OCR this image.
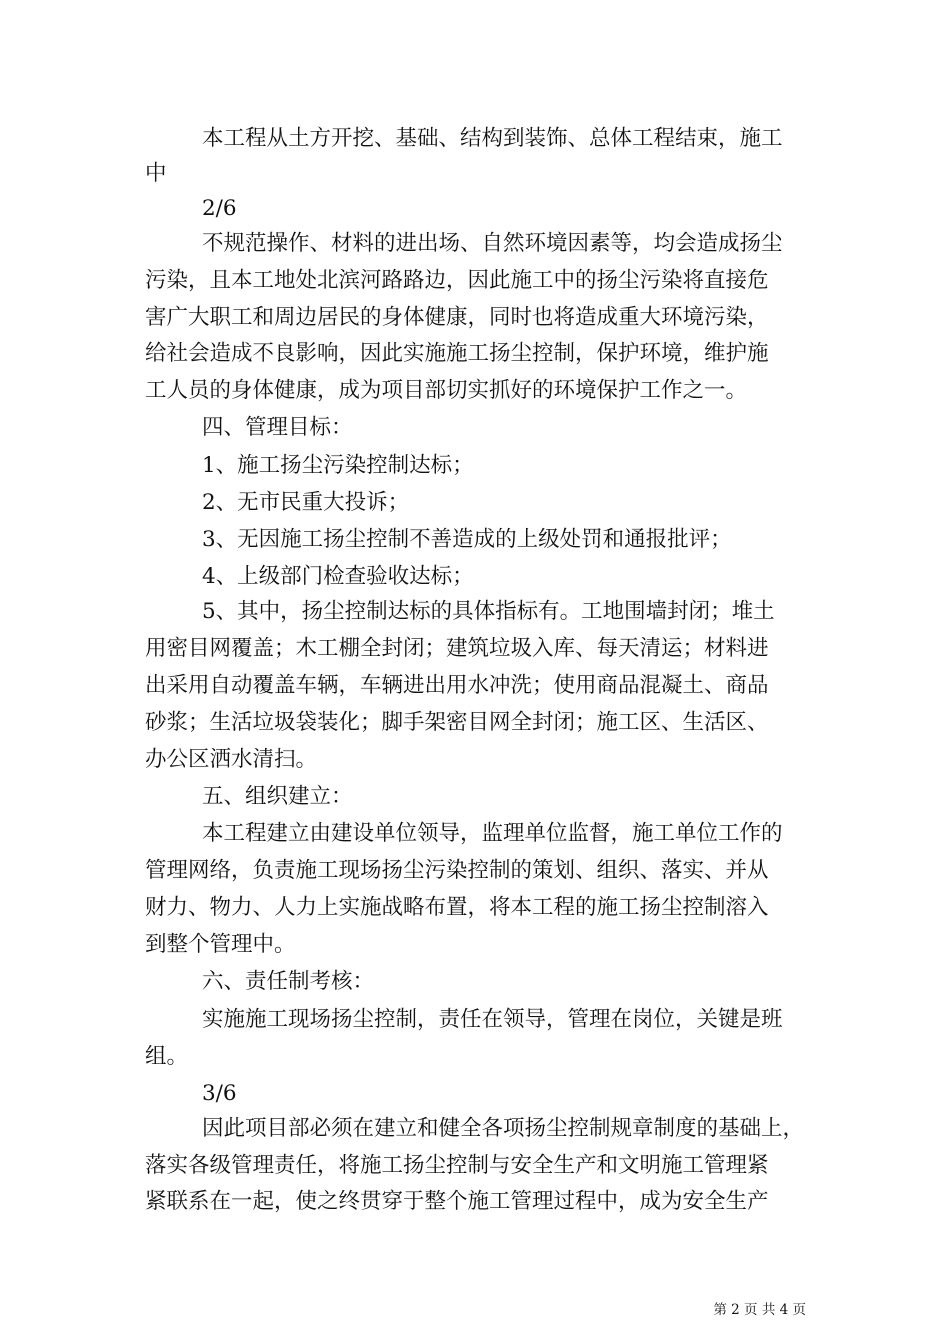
本工程从土方开挖、基础、结构到装饰、总体工程结束，施工
中
2/6
不规范操作、材料的进出场、自然环境因素等，均会造成扬尘
污染，且本工地处北滨河路路边，因此施工中的扬尘污染将直接危
害广大职工和周边居民的身体健康，同时也将造成重大环境污染，
给社会造成不良影响，因此实施施工扬尘控制，保护环境，维护施
工人员的身体健康，成为项目部切实抓好的环境保护工作之一。
四、管理目标：
1、施工扬尘污染控制达标；
2、无市民重大投诉；
3、无因施工扬尘控制不善造成的上级处罚和通报批评；
4、上级部门检查验收达标；
5、其中，扬尘控制达标的具体指标有。工地围墙封闭；堆土
用密目网覆盖；木工棚全封闭；建筑垃圾入库、每天清运；材料进
出采用自动覆盖车辆，车辆进出用水冲洗；使用商品混凝土、商品
砂浆；生活垃圾袋装化；脚手架密目网全封闭；施工区、生活区、
办公区洒水清扫。
五、组织建立：
本工程建立由建设单位领导，监理单位监督，施工单位工作的
管理网络，负责施工现场扬尘污染控制的策划、组织、落实、并从
财力、物力、人力上实施战略布置，将本工程的施工扬尘控制溶入
到整个管理中。
六、责任制考核：
实施施工现场扬尘控制，责任在领导，管理在岗位，关键是班
组。
3/6
因此项目部必须在建立和健全各项扬尘控制规章制度的基础上，
落实各级管理责任，将施工扬尘控制与安全生产和文明施工管理紧
紧联系在一起，使之终贯穿于整个施工管理过程中，成为安全生产
第 2 页 共 4 页
